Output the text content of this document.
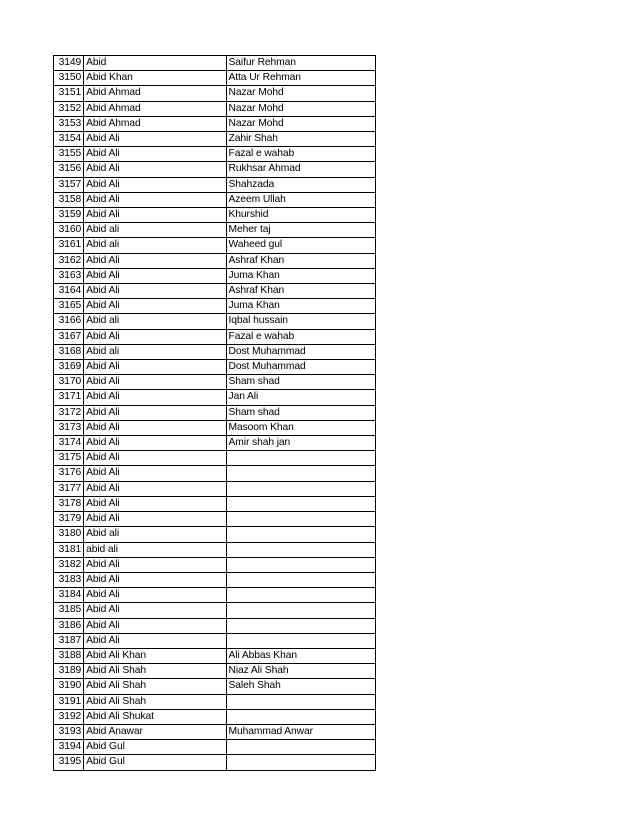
3149	Abid	Saifur Rehman
3150	Abid Khan	Atta Ur Rehman
3151	Abid Ahmad	Nazar Mohd
3152	Abid Ahmad	Nazar Mohd
3153	Abid Ahmad	Nazar Mohd
3154	Abid Ali	Zahir Shah
3155	Abid Ali	Fazal e wahab
3156	Abid Ali	Rukhsar Ahmad
3157	Abid Ali	Shahzada
3158	Abid Ali	Azeem Ullah
3159	Abid Ali	Khurshid
3160	Abid ali	Meher taj
3161	Abid ali	Waheed gul
3162	Abid Ali	Ashraf Khan
3163	Abid Ali	Juma Khan
3164	Abid Ali	Ashraf Khan
3165	Abid Ali	Juma Khan
3166	Abid ali	Iqbal hussain
3167	Abid Ali	Fazal e wahab
3168	Abid ali	Dost Muhammad
3169	Abid Ali	Dost Muhammad
3170	Abid Ali	Sham shad
3171	Abid Ali	Jan Ali
3172	Abid Ali	Sham shad
3173	Abid Ali	Masoom Khan
3174	Abid Ali	Amir shah jan
3175	Abid Ali	
3176	Abid Ali	
3177	Abid Ali	
3178	Abid Ali	
3179	Abid Ali	
3180	Abid ali	
3181	abid ali	
3182	Abid Ali	
3183	Abid Ali	
3184	Abid Ali	
3185	Abid Ali	
3186	Abid Ali	
3187	Abid Ali	
3188	Abid Ali Khan	Ali Abbas Khan
3189	Abid Ali Shah	Niaz Ali Shah
3190	Abid Ali Shah	Saleh Shah
3191	Abid Ali Shah	
3192	Abid Ali Shukat	
3193	Abid Anawar	Muhammad Anwar
3194	Abid Gul	
3195	Abid Gul	
